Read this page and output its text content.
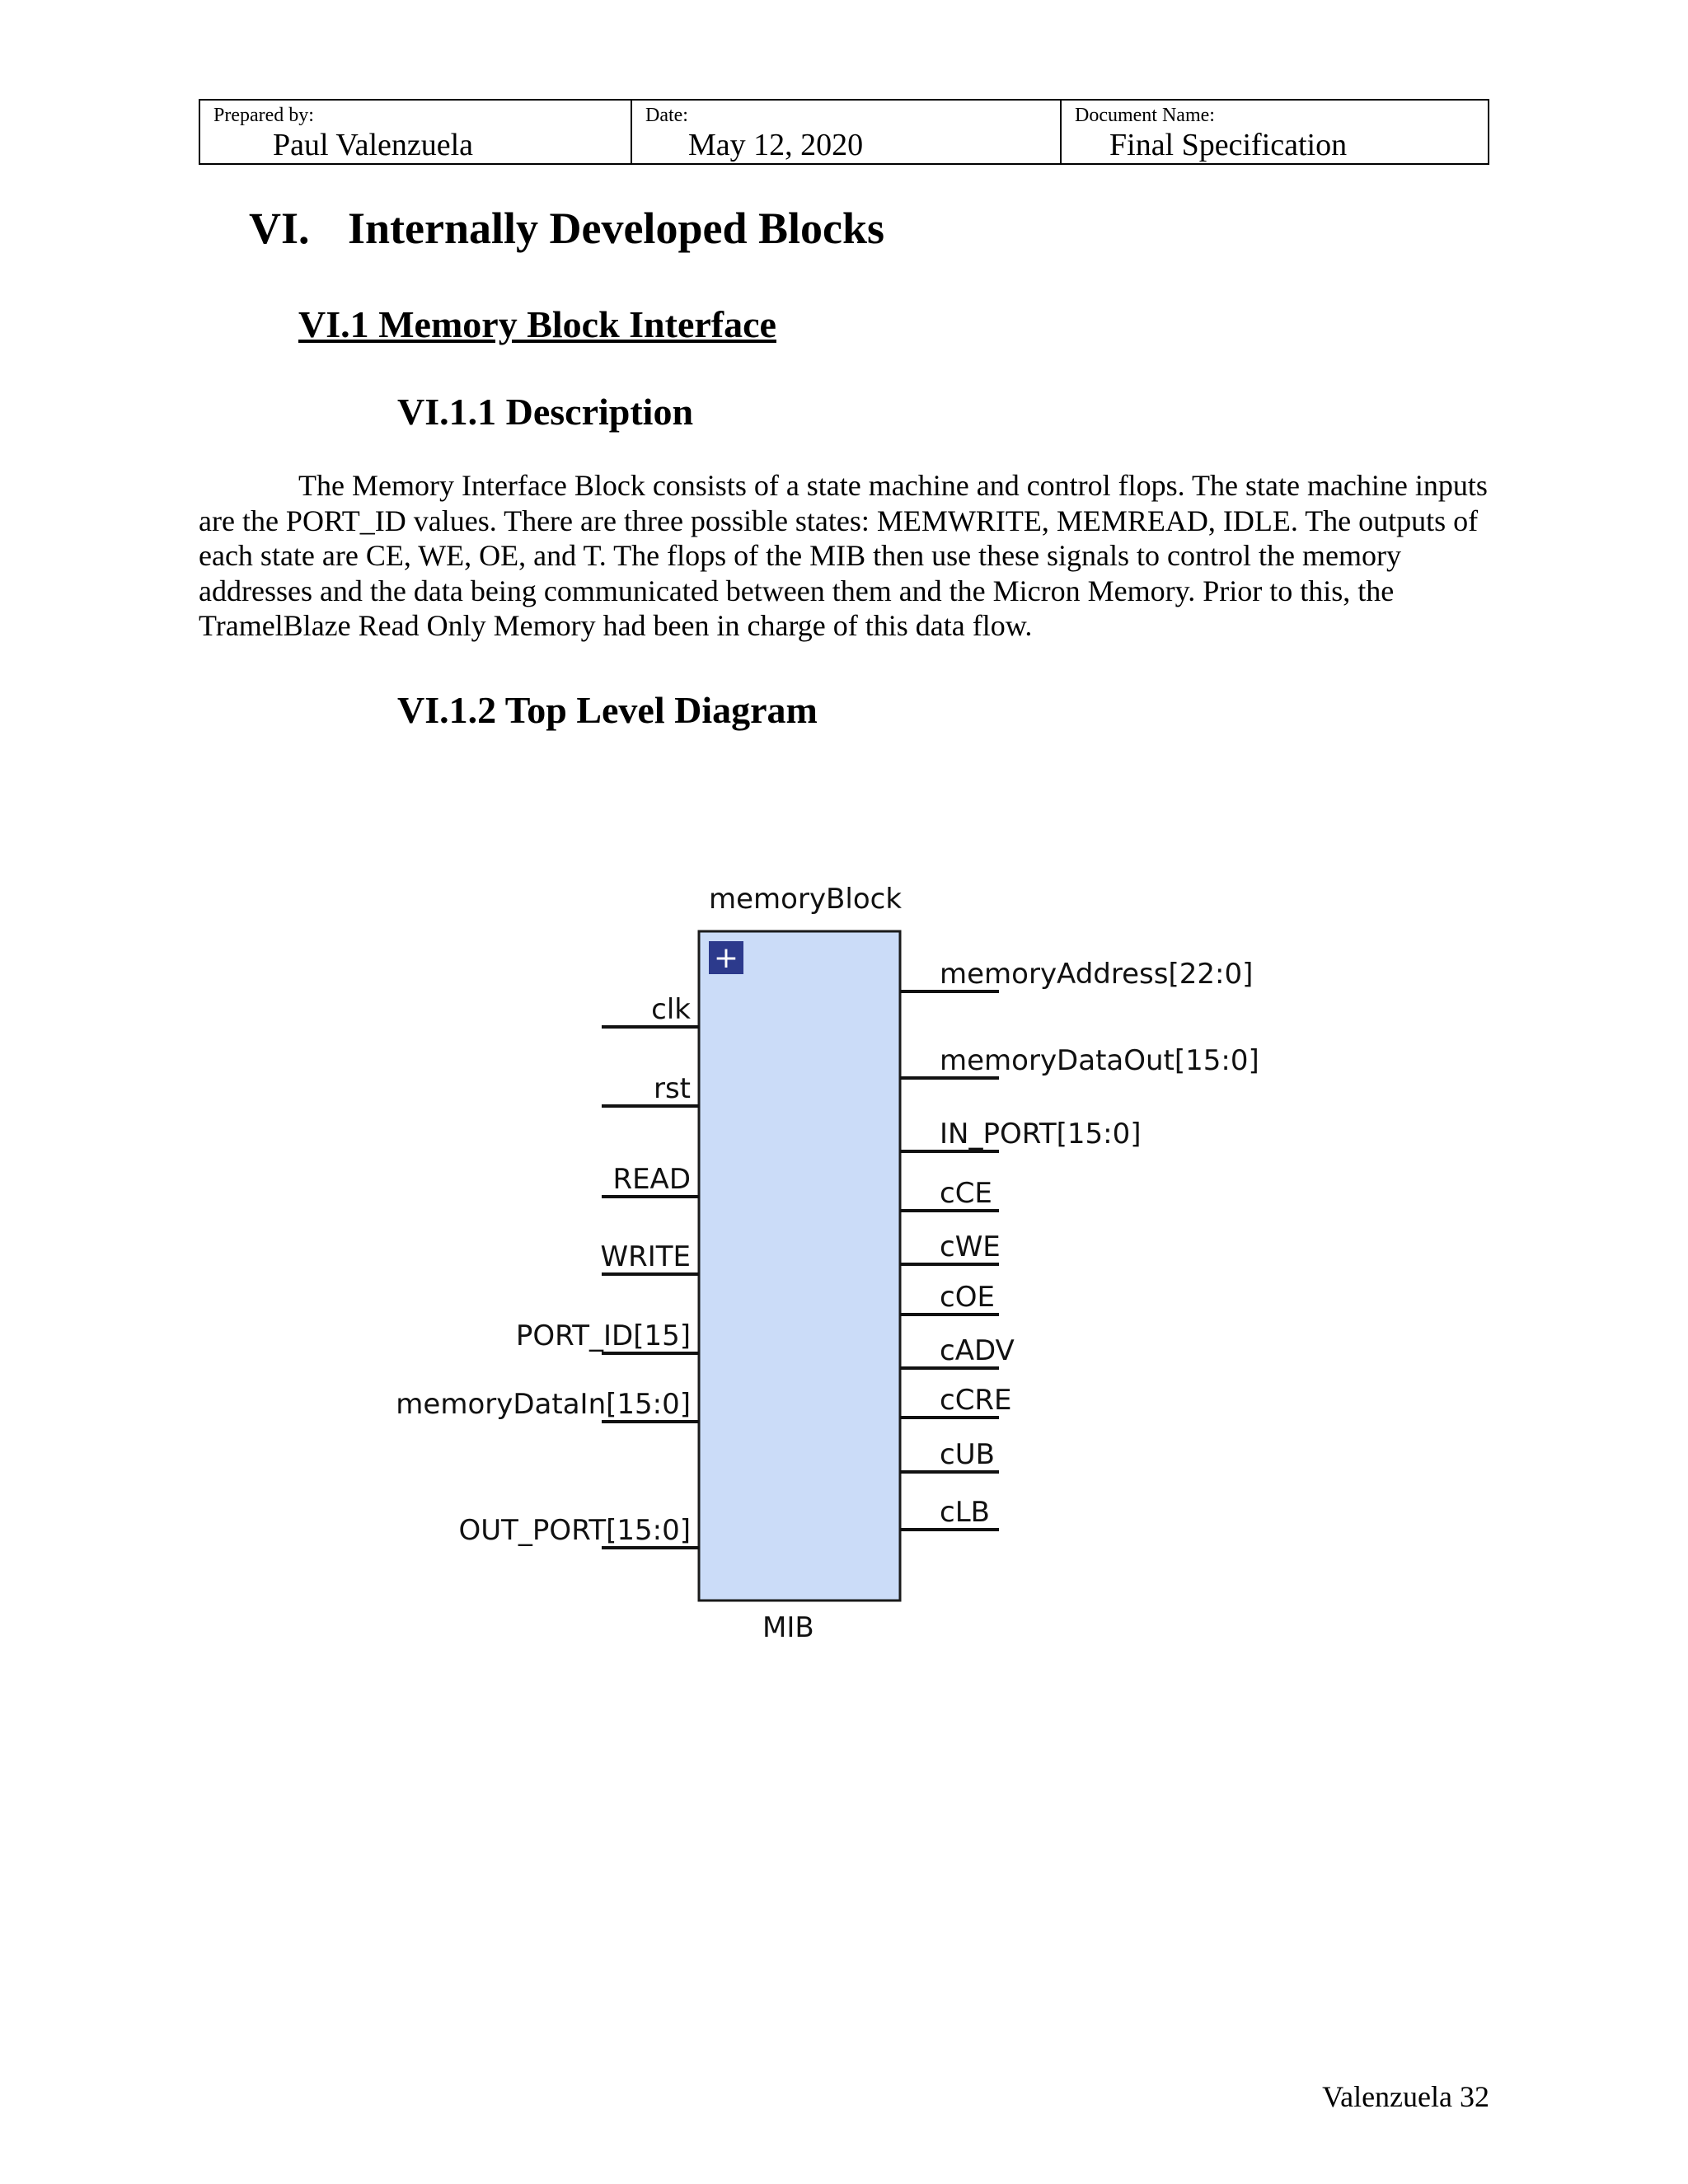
Prepared by:
Paul Valenzuela
Date:
May 12, 2020
Document Name:
Final Specification
VI. Internally Developed Blocks
VI.1 Memory Block Interface
VI.1.1 Description

The Memory Interface Block consists of a state machine and control flops. The state machine inputs are the PORT_ID values. There are three possible states: MEMWRITE, MEMREAD, IDLE. The outputs of each state are CE, WE, OE, and T. The flops of the MIB then use these signals to control the memory addresses and the data being communicated between them and the Micron Memory. Prior to this, the TramelBlaze Read Only Memory had been in charge of this data flow.

VI.1.2 Top Level Diagram
memoryBlock
+
clk
rst
READ
WRITE
PORT_ID[15]
memoryDataIn[15:0]
OUT_PORT[15:0]
memoryAddress[22:0]
memoryDataOut[15:0]
IN_PORT[15:0]
cCE
cWE
cOE
cADV
cCRE
cUB
cLB
MIB
Valenzuela 32
